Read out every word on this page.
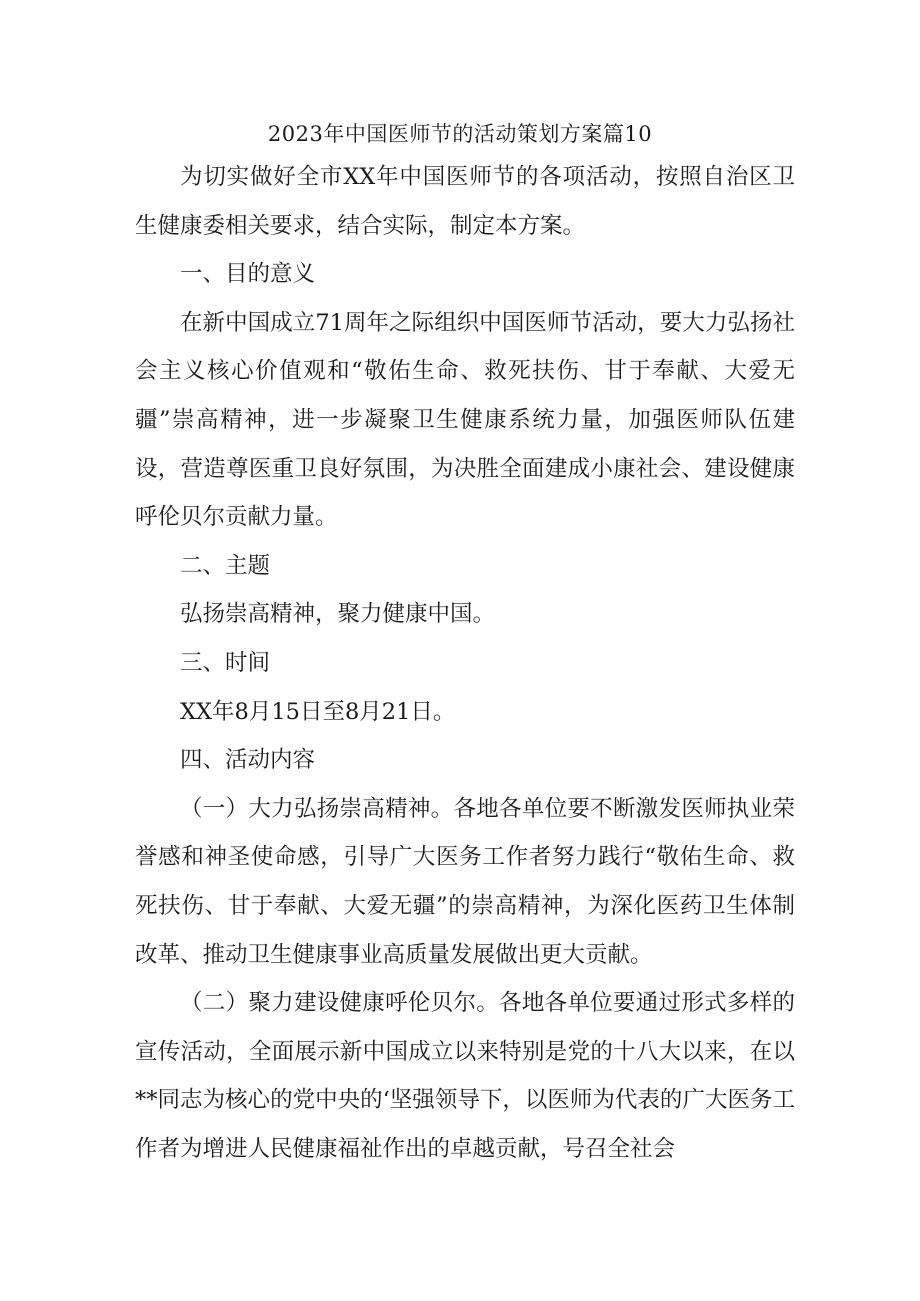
2023年中国医师节的活动策划方案篇10

为切实做好全市XX年中国医师节的各项活动，按照自治区卫生健康委相关要求，结合实际，制定本方案。

一、目的意义

在新中国成立71周年之际组织中国医师节活动，要大力弘扬社会主义核心价值观和“敬佑生命、救死扶伤、甘于奉献、大爱无疆”崇高精神，进一步凝聚卫生健康系统力量，加强医师队伍建设，营造尊医重卫良好氛围，为决胜全面建成小康社会、建设健康呼伦贝尔贡献力量。

二、主题

弘扬崇高精神，聚力健康中国。

三、时间

XX年8月15日至8月21日。

四、活动内容

（一）大力弘扬崇高精神。各地各单位要不断激发医师执业荣誉感和神圣使命感，引导广大医务工作者努力践行“敬佑生命、救死扶伤、甘于奉献、大爱无疆”的崇高精神，为深化医药卫生体制改革、推动卫生健康事业高质量发展做出更大贡献。

（二）聚力建设健康呼伦贝尔。各地各单位要通过形式多样的宣传活动，全面展示新中国成立以来特别是党的十八大以来，在以**同志为核心的党中央的‘坚强领导下，以医师为代表的广大医务工作者为增进人民健康福祉作出的卓越贡献，号召全社会
